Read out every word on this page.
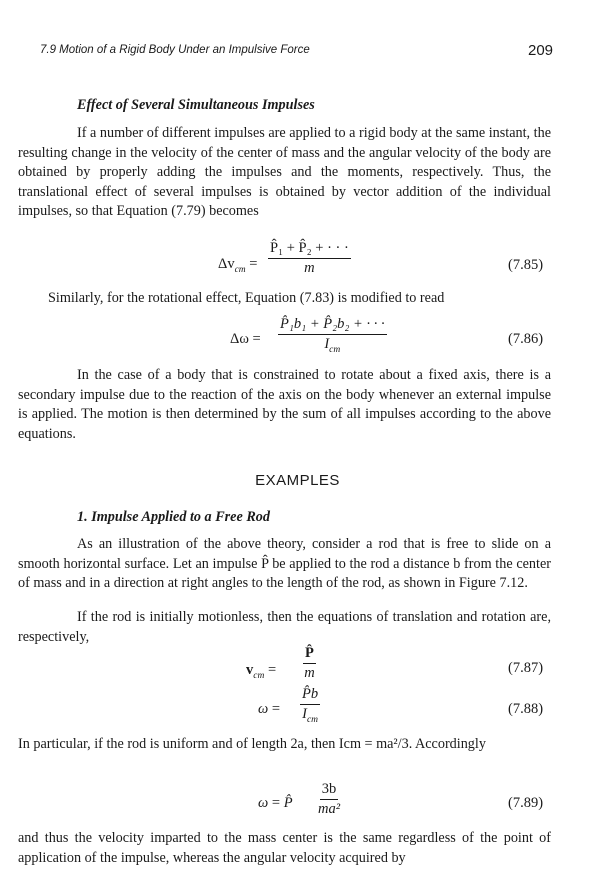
7.9 Motion of a Rigid Body Under an Impulsive Force	209
Effect of Several Simultaneous Impulses
If a number of different impulses are applied to a rigid body at the same instant, the resulting change in the velocity of the center of mass and the angular velocity of the body are obtained by properly adding the impulses and the moments, respectively. Thus, the translational effect of several impulses is obtained by vector addition of the individual impulses, so that Equation (7.79) becomes
$\Delta v_{cm} = \frac{\text{P̂₁ + P̂₂ + · · ·}}{m}$	(7.85)
Similarly, for the rotational effect, Equation (7.83) is modified to read
Δω =
P̂₁b₁ + P̂₂b₂ + · · ·
$I_{cm}$
(7.86)
In the case of a body that is constrained to rotate about a fixed axis, there is a secondary impulse due to the reaction of the axis on the body whenever an external impulse is applied. The motion is then determined by the sum of all impulses according to the above equations.
EXAMPLES
1. Impulse Applied to a Free Rod
As an illustration of the above theory, consider a rod that is free to slide on a smooth horizontal surface. Let an impulse P̂ be applied to the rod a distance b from the center of mass and in a direction at right angles to the length of the rod, as shown in Figure 7.12.
If the rod is initially motionless, then the equations of translation and rotation are, respectively,
$v_{cm} = \frac{P̂}{m}$	(7.87)
ω =
P̂b
$I_{cm}$
(7.88)
In particular, if the rod is uniform and of length 2a, then Icm = ma²/3. Accordingly
ω = P̂ $\frac{3b}{\text{ma²}}$	(7.89)
and thus the velocity imparted to the mass center is the same regardless of the point of application of the impulse, whereas the angular velocity acquired by
